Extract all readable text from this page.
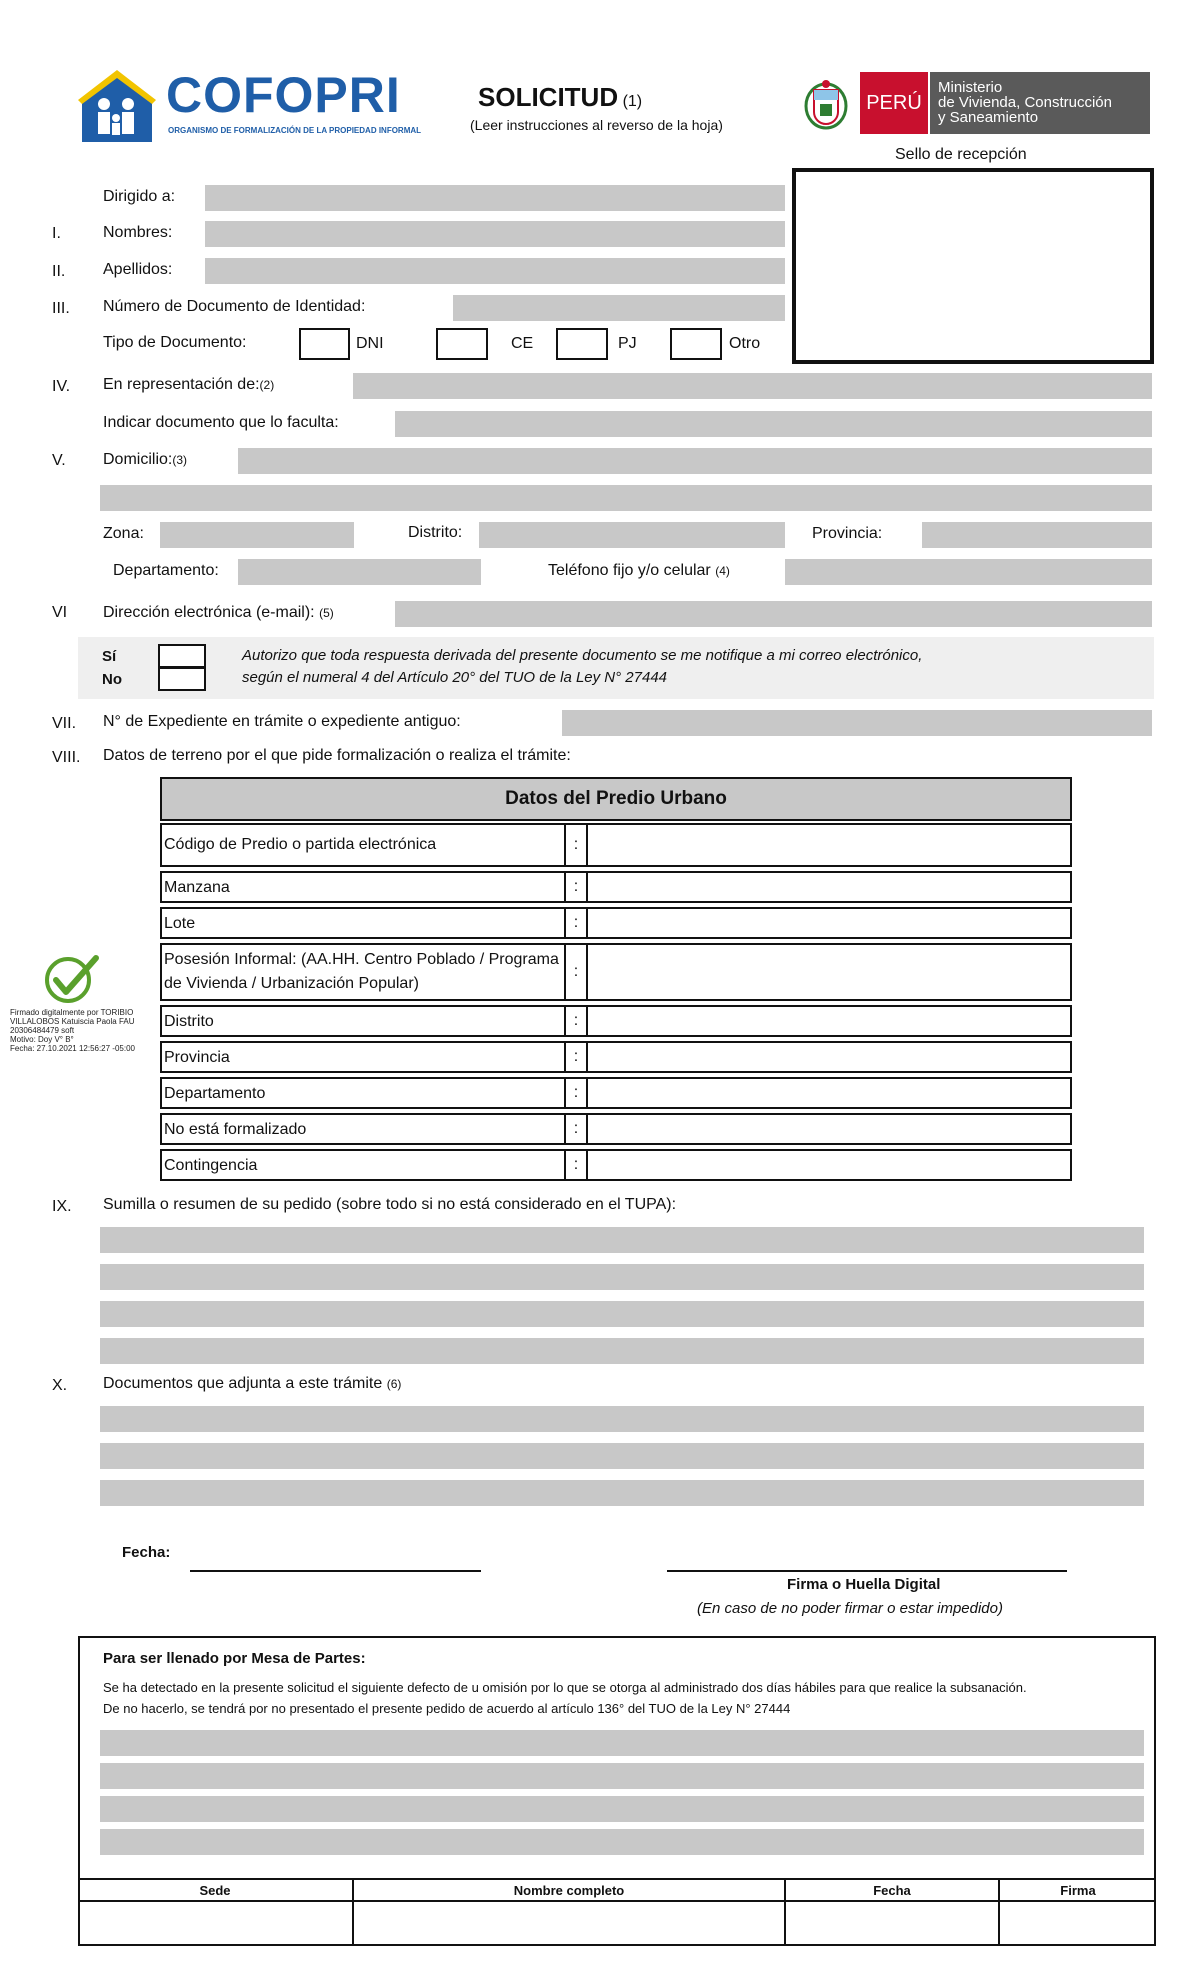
COFOPRI
ORGANISMO DE FORMALIZACIÓN DE LA PROPIEDAD INFORMAL
SOLICITUD (1)
(Leer instrucciones al reverso de la hoja)
PERÚ
Ministerio
de Vivienda, Construcción
y Saneamiento
Sello de recepción
Dirigido a:
I.	Nombres:
II. Apellidos:
III. Número de Documento de Identidad:
Tipo de Documento:	DNI	CE	PJ	Otro
IV. En representación de:(2)
Indicar documento que lo faculta:
V. Domicilio:(3)
Zona:	Distrito:	Provincia:
Departamento:	Teléfono fijo y/o celular (4)
VI Dirección electrónica (e-mail): (5)
Sí
No
Autorizo que toda respuesta derivada del presente documento se me notifique a mi correo electrónico,
según el numeral 4 del Artículo 20° del TUO de la Ley N° 27444
VII. N° de Expediente en trámite o expediente antiguo:
VIII. Datos de terreno por el que pide formalización o realiza el trámite:
Datos del Predio Urbano
Código de Predio o partida electrónica	:
Manzana	:
Lote	:
Posesión Informal: (AA.HH. Centro Poblado / Programa de Vivienda / Urbanización Popular)
:
Distrito	:
Provincia	:
Departamento	:
No está formalizado	:
Contingencia	:
Firmado digitalmente por TORIBIO
VILLALOBOS Katuiscia Paola FAU
20306484479 soft
Motivo: Doy V° B°
Fecha: 27.10.2021 12:56:27 -05:00
IX. Sumilla o resumen de su pedido (sobre todo si no está considerado en el TUPA):
X. Documentos que adjunta a este trámite (6)
Fecha:
Firma o Huella Digital
(En caso de no poder firmar o estar impedido)
Para ser llenado por Mesa de Partes:
Se ha detectado en la presente solicitud el siguiente defecto de u omisión por lo que se otorga al administrado dos días hábiles para que realice la subsanación.
De no hacerlo, se tendrá por no presentado el presente pedido de acuerdo al artículo 136° del TUO de la Ley N° 27444
Sede	Nombre completo	Fecha	Firma
